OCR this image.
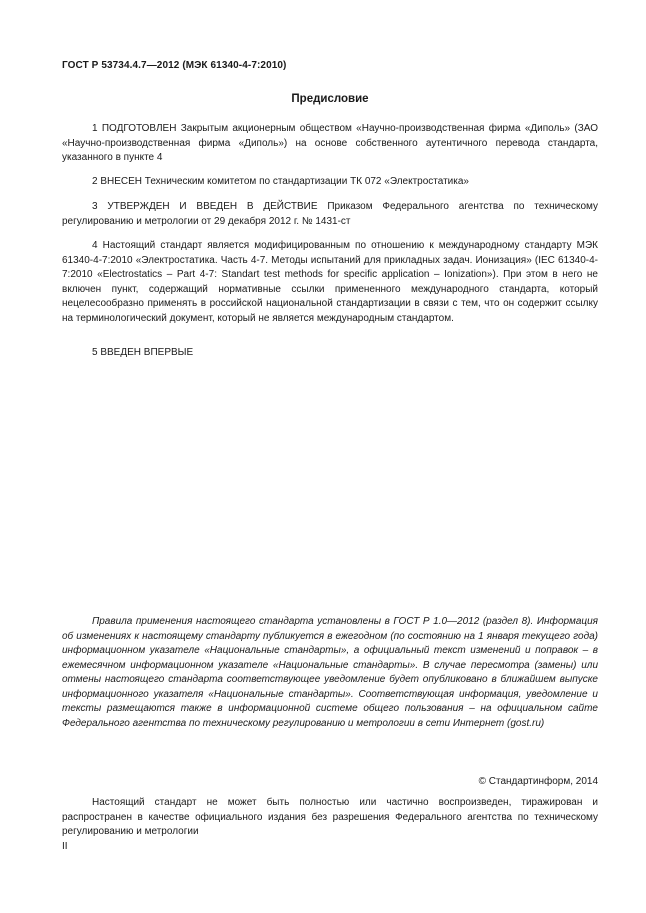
ГОСТ Р 53734.4.7—2012 (МЭК 61340-4-7:2010)
Предисловие
1 ПОДГОТОВЛЕН Закрытым акционерным обществом «Научно-производственная фирма «Диполь» (ЗАО «Научно-производственная фирма «Диполь») на основе собственного аутентичного перевода стандарта, указанного в пункте 4
2 ВНЕСЕН Техническим комитетом по стандартизации ТК 072 «Электростатика»
3 УТВЕРЖДЕН И ВВЕДЕН В ДЕЙСТВИЕ Приказом Федерального агентства по техническому регулированию и метрологии от 29 декабря 2012 г. № 1431-ст
4 Настоящий стандарт является модифицированным по отношению к международному стандарту МЭК 61340-4-7:2010 «Электростатика. Часть 4-7. Методы испытаний для прикладных задач. Ионизация» (IEC 61340-4-7:2010 «Electrostatics – Part 4-7: Standart test methods for specific application – Ionization»). При этом в него не включен пункт, содержащий нормативные ссылки примененного международного стандарта, который нецелесообразно применять в российской национальной стандартизации в связи с тем, что он содержит ссылку на терминологический документ, который не является международным стандартом.
5 ВВЕДЕН ВПЕРВЫЕ
Правила применения настоящего стандарта установлены в ГОСТ Р 1.0—2012 (раздел 8). Информация об изменениях к настоящему стандарту публикуется в ежегодном (по состоянию на 1 января текущего года) информационном указателе «Национальные стандарты», а официальный текст изменений и поправок – в ежемесячном информационном указателе «Национальные стандарты». В случае пересмотра (замены) или отмены настоящего стандарта соответствующее уведомление будет опубликовано в ближайшем выпуске информационного указателя «Национальные стандарты». Соответствующая информация, уведомление и тексты размещаются также в информационной системе общего пользования – на официальном сайте Федерального агентства по техническому регулированию и метрологии в сети Интернет (gost.ru)
© Стандартинформ, 2014
Настоящий стандарт не может быть полностью или частично воспроизведен, тиражирован и распространен в качестве официального издания без разрешения Федерального агентства по техническому регулированию и метрологии
II
